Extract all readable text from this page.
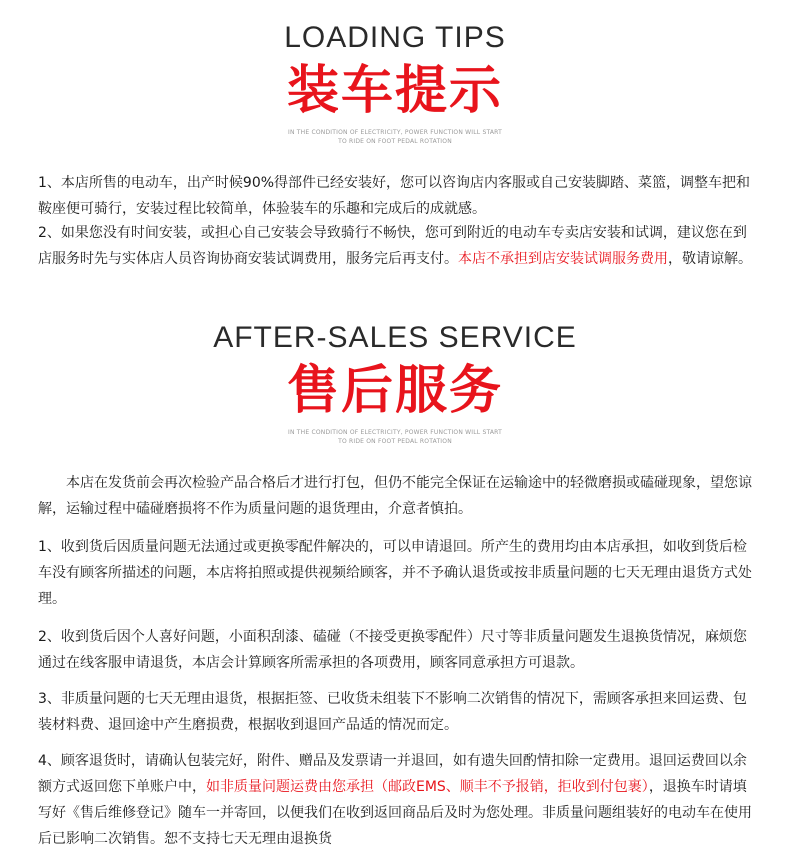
LOADING TIPS
装车提示
IN THE CONDITION OF ELECTRICITY, POWER FUNCTION WILL START
TO RIDE ON FOOT PEDAL ROTATION

1、本店所售的电动车，出产时候90%得部件已经安装好，您可以咨询店内客服或自己安装脚踏、菜篮，调整车把和鞍座便可骑行，安装过程比较简单，体验装车的乐趣和完成后的成就感。

2、如果您没有时间安装，或担心自己安装会导致骑行不畅快，您可到附近的电动车专卖店安装和试调，建议您在到店服务时先与实体店人员咨询协商安装试调费用，服务完后再支付。本店不承担到店安装试调服务费用，敬请谅解。

AFTER-SALES SERVICE
售后服务
IN THE CONDITION OF ELECTRICITY, POWER FUNCTION WILL START
TO RIDE ON FOOT PEDAL ROTATION

本店在发货前会再次检验产品合格后才进行打包，但仍不能完全保证在运输途中的轻微磨损或磕碰现象，望您谅解，运输过程中磕碰磨损将不作为质量问题的退货理由，介意者慎拍。

1、收到货后因质量问题无法通过或更换零配件解决的，可以申请退回。所产生的费用均由本店承担，如收到货后检车没有顾客所描述的问题，本店将拍照或提供视频给顾客，并不予确认退货或按非质量问题的七天无理由退货方式处理。

2、收到货后因个人喜好问题，小面积刮漆、磕碰（不接受更换零配件）尺寸等非质量问题发生退换货情况，麻烦您通过在线客服申请退货，本店会计算顾客所需承担的各项费用，顾客同意承担方可退款。

3、非质量问题的七天无理由退货，根据拒签、已收货未组装下不影响二次销售的情况下，需顾客承担来回运费、包装材料费、退回途中产生磨损费，根据收到退回产品适的情况而定。

4、顾客退货时，请确认包装完好，附件、赠品及发票请一并退回，如有遗失回酌情扣除一定费用。退回运费回以余额方式返回您下单账户中，如非质量问题运费由您承担（邮政EMS、顺丰不予报销，拒收到付包裹），退换车时请填写好《售后维修登记》随车一并寄回，以便我们在收到返回商品后及时为您处理。非质量问题组装好的电动车在使用后已影响二次销售。恕不支持七天无理由退换货
